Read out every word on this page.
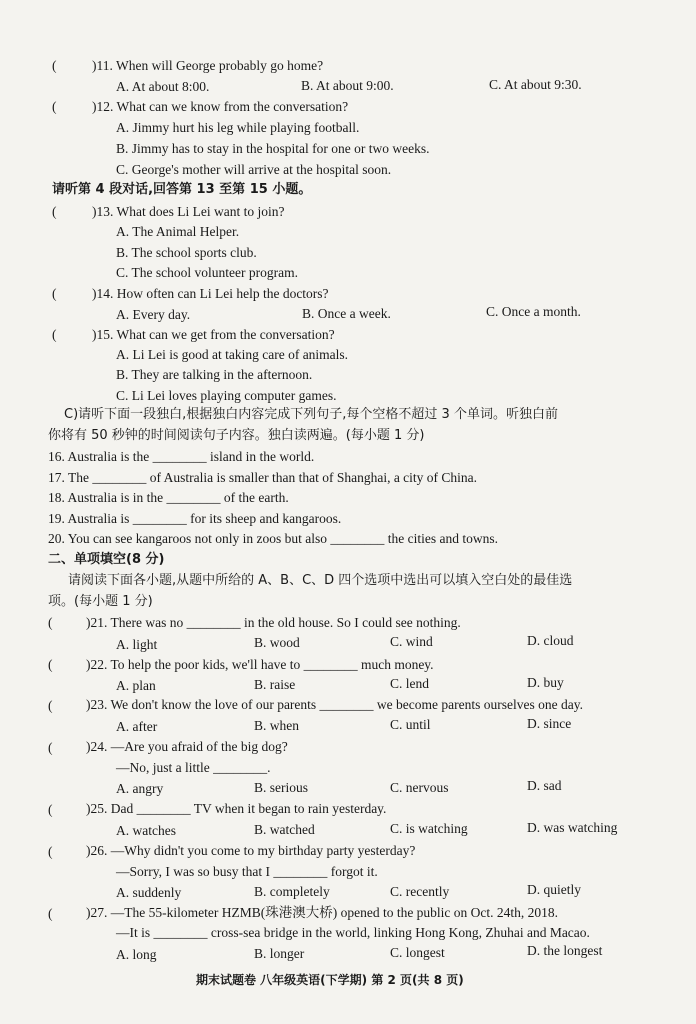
(	)11. When will George probably go home?
A. At about 8:00.	B. At about 9:00.	C. At about 9:30.
(	)12. What can we know from the conversation?
A. Jimmy hurt his leg while playing football.
B. Jimmy has to stay in the hospital for one or two weeks.
C. George's mother will arrive at the hospital soon.
请听第 4 段对话,回答第 13 至第 15 小题。
(	)13. What does Li Lei want to join?
A. The Animal Helper.
B. The school sports club.
C. The school volunteer program.
(	)14. How often can Li Lei help the doctors?
A. Every day.	B. Once a week.	C. Once a month.
(	)15. What can we get from the conversation?
A. Li Lei is good at taking care of animals.
B. They are talking in the afternoon.
C. Li Lei loves playing computer games.
C)请听下面一段独白,根据独白内容完成下列句子,每个空格不超过 3 个单词。听独白前
你将有 50 秒钟的时间阅读句子内容。独白读两遍。(每小题 1 分)
16. Australia is the ________ island in the world.
17. The ________ of Australia is smaller than that of Shanghai, a city of China.
18. Australia is in the ________ of the earth.
19. Australia is ________ for its sheep and kangaroos.
20. You can see kangaroos not only in zoos but also ________ the cities and towns.
二、单项填空(8 分)
请阅读下面各小题,从题中所给的 A、B、C、D 四个选项中选出可以填入空白处的最佳选
项。(每小题 1 分)
( )21. There was no ________ in the old house. So I could see nothing.
A. light	B. wood	C. wind	D. cloud
( )22. To help the poor kids, we'll have to ________ much money.
A. plan	B. raise	C. lend	D. buy
( )23. We don't know the love of our parents ________ we become parents ourselves one day.
A. after	B. when	C. until	D. since
( )24. —Are you afraid of the big dog?
—No, just a little ________.
A. angry	B. serious	C. nervous	D. sad
( )25. Dad ________ TV when it began to rain yesterday.
A. watches	B. watched	C. is watching	D. was watching
( )26. —Why didn't you come to my birthday party yesterday?
—Sorry, I was so busy that I ________ forgot it.
A. suddenly	B. completely	C. recently	D. quietly
( )27. —The 55-kilometer HZMB(珠港澳大桥) opened to the public on Oct. 24th, 2018.
—It is ________ cross-sea bridge in the world, linking Hong Kong, Zhuhai and Macao.
A. long	B. longer	C. longest	D. the longest
期末试题卷 八年级英语(下学期) 第 2 页(共 8 页)
